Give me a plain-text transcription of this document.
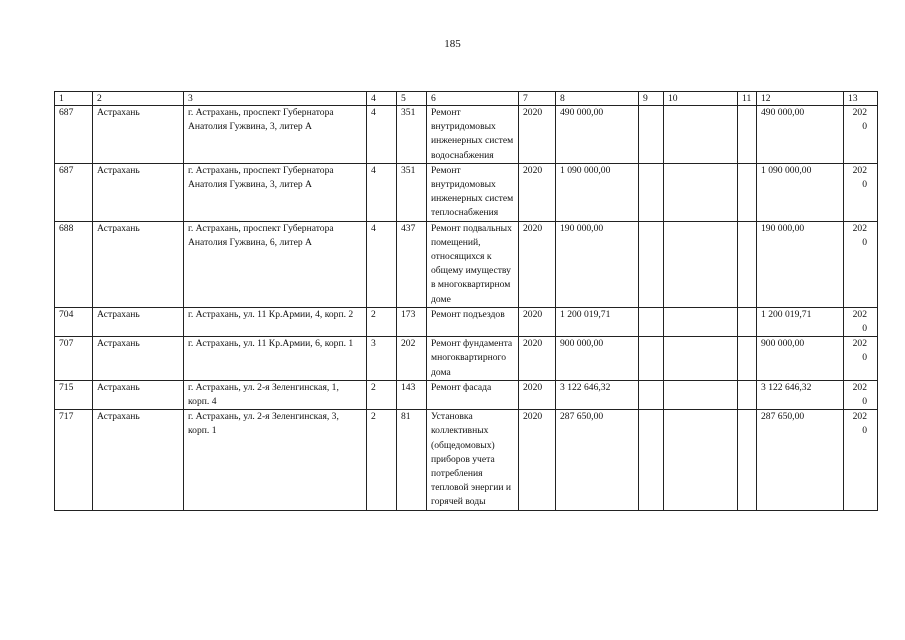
185
1	2	3	4	5	6	7	8	9	10	11	12	13
687	Астрахань	г. Астрахань, проспект Губернатора Анатолия Гужвина, 3, литер А	4	351	Ремонт внутридомовых инженерных систем водоснабжения	2020	490 000,00				490 000,00	2020
687	Астрахань	г. Астрахань, проспект Губернатора Анатолия Гужвина, 3, литер А	4	351	Ремонт внутридомовых инженерных систем теплоснабжения	2020	1 090 000,00				1 090 000,00	2020
688	Астрахань	г. Астрахань, проспект Губернатора Анатолия Гужвина, 6, литер А	4	437	Ремонт подвальных помещений, относящихся к общему имуществу в многоквартирном доме	2020	190 000,00				190 000,00	2020
704	Астрахань	г. Астрахань, ул. 11 Кр.Армии, 4, корп. 2	2	173	Ремонт подъездов	2020	1 200 019,71				1 200 019,71	2020
707	Астрахань	г. Астрахань, ул. 11 Кр.Армии, 6, корп. 1	3	202	Ремонт фундамента многоквартирного дома	2020	900 000,00				900 000,00	2020
715	Астрахань	г. Астрахань, ул. 2-я Зеленгинская, 1, корп. 4	2	143	Ремонт фасада	2020	3 122 646,32				3 122 646,32	2020
717	Астрахань	г. Астрахань, ул. 2-я Зеленгинская, 3, корп. 1	2	81	Установка коллективных (общедомовых) приборов учета потребления тепловой энергии и горячей воды	2020	287 650,00				287 650,00	2020
